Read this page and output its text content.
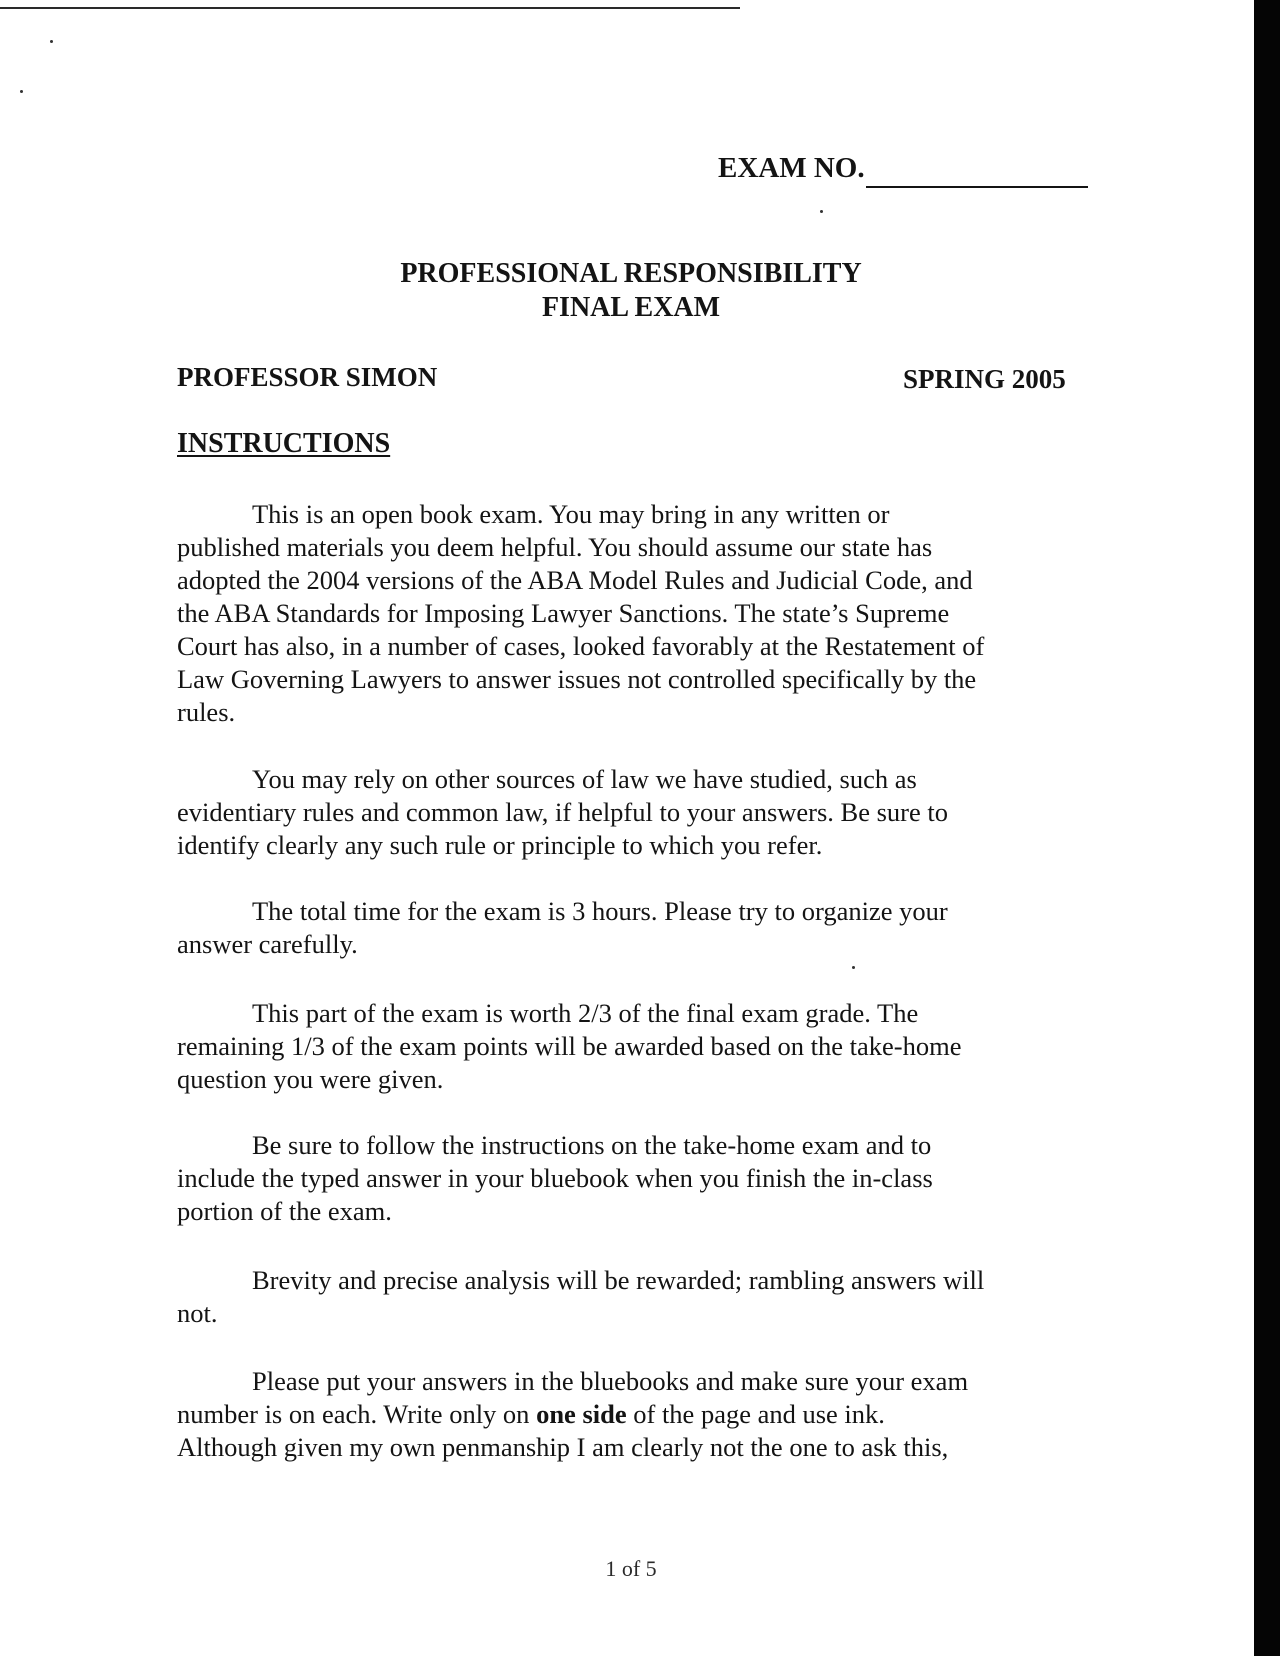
EXAM NO.
PROFESSIONAL RESPONSIBILITY
FINAL EXAM
PROFESSOR SIMON	SPRING 2005
INSTRUCTIONS
This is an open book exam. You may bring in any written or
published materials you deem helpful. You should assume our state has
adopted the 2004 versions of the ABA Model Rules and Judicial Code, and
the ABA Standards for Imposing Lawyer Sanctions. The state’s Supreme
Court has also, in a number of cases, looked favorably at the Restatement of
Law Governing Lawyers to answer issues not controlled specifically by the
rules.
You may rely on other sources of law we have studied, such as
evidentiary rules and common law, if helpful to your answers. Be sure to
identify clearly any such rule or principle to which you refer.
The total time for the exam is 3 hours. Please try to organize your
answer carefully.
This part of the exam is worth 2/3 of the final exam grade. The
remaining 1/3 of the exam points will be awarded based on the take-home
question you were given.
Be sure to follow the instructions on the take-home exam and to
include the typed answer in your bluebook when you finish the in-class
portion of the exam.
Brevity and precise analysis will be rewarded; rambling answers will
not.
Please put your answers in the bluebooks and make sure your exam
number is on each. Write only on one side of the page and use ink.
Although given my own penmanship I am clearly not the one to ask this,
1 of 5
